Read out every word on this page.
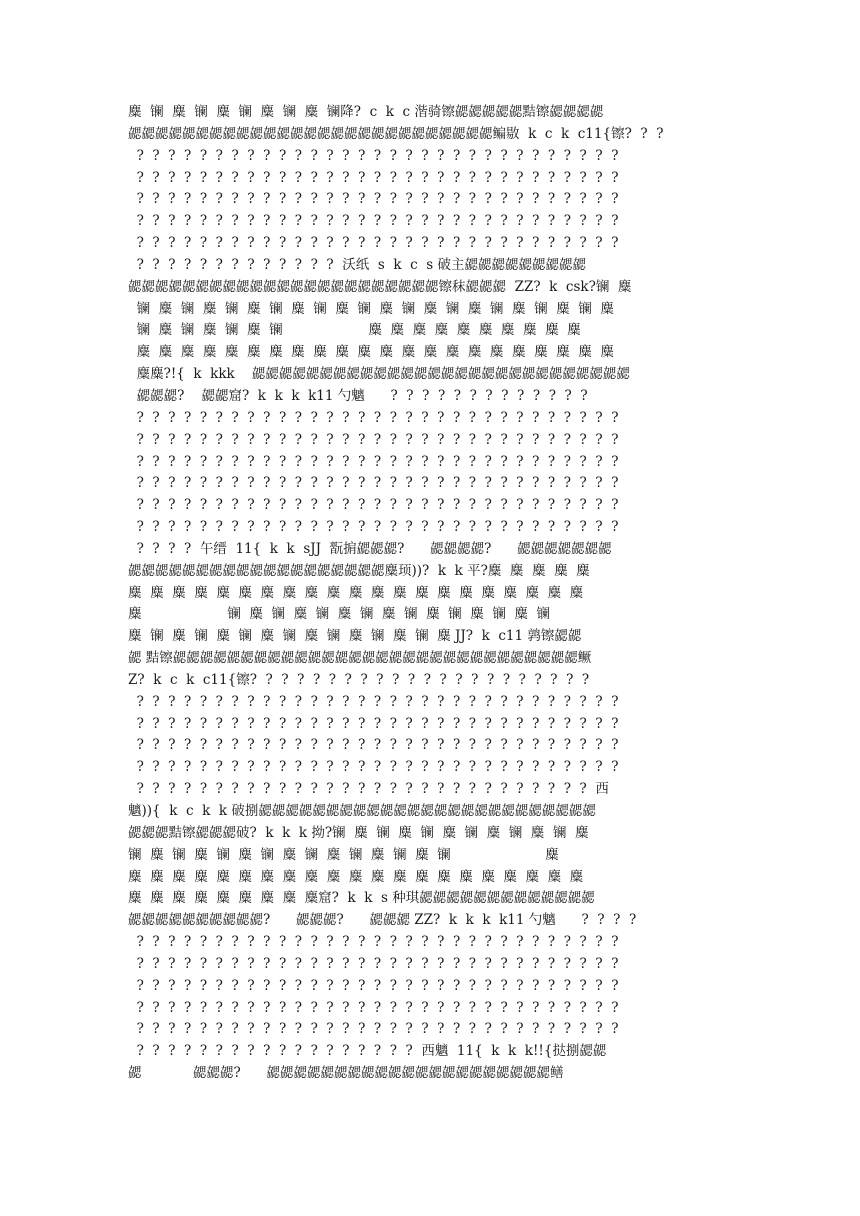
麋  镧  麋  镧  麋  镧  麋  镧  麋  镧降?  c  k  c 湝骑镲勰勰勰勰勰黠镲勰勰勰勰
勰勰勰勰勰勰勰勰勰勰勰勰勰勰勰勰勰勰勰勰勰勰勰勰勰勰勰鳊敭  k  c  k  c11{镲?  ?  ?
?  ?  ?  ?  ?  ?  ?  ?  ?  ?  ?  ?  ?  ?  ?  ?  ?  ?  ?  ?  ?  ?  ?  ?  ?  ?  ?  ?  ?  ?  ?
?  ?  ?  ?  ?  ?  ?  ?  ?  ?  ?  ?  ?  ?  ?  ?  ?  ?  ?  ?  ?  ?  ?  ?  ?  ?  ?  ?  ?  ?  ?
?  ?  ?  ?  ?  ?  ?  ?  ?  ?  ?  ?  ?  ?  ?  ?  ?  ?  ?  ?  ?  ?  ?  ?  ?  ?  ?  ?  ?  ?  ?
?  ?  ?  ?  ?  ?  ?  ?  ?  ?  ?  ?  ?  ?  ?  ?  ?  ?  ?  ?  ?  ?  ?  ?  ?  ?  ?  ?  ?  ?  ?
?  ?  ?  ?  ?  ?  ?  ?  ?  ?  ?  ?  ?  ?  ?  ?  ?  ?  ?  ?  ?  ?  ?  ?  ?  ?  ?  ?  ?  ?  ?
?  ?  ?  ?  ?  ?  ?  ?  ?  ?  ?  ?  ?  沃纸  s  k  c  s 破主勰勰勰勰勰勰勰勰勰
勰勰勰勰勰勰勰勰勰勰勰勰勰勰勰勰勰勰勰勰勰勰勰镲秣勰勰勰  ZZ?  k  csk?镧  麋
镧  麋  镧  麋  镧  麋  镧  麋  镧  麋  镧  麋  镧  麋  镧  麋  镧  麋  镧  麋  镧  麋
镧  麋  镧  麋  镧  麋  镧                    麋  麋  麋  麋  麋  麋  麋  麋  麋  麋
麋  麋  麋  麋  麋  麋  麋  麋  麋  麋  麋  麋  麋  麋  麋  麋  麋  麋  麋  麋  麋  麋
麋麋?!{  k  kkk    勰勰勰勰勰勰勰勰勰勰勰勰勰勰勰勰勰勰勰勰勰勰勰勰勰勰勰勰
勰勰勰?    勰勰窟?  k  k  k  k11 勺魑      ?  ?  ?  ?  ?  ?  ?  ?  ?  ?  ?  ?  ?
?  ?  ?  ?  ?  ?  ?  ?  ?  ?  ?  ?  ?  ?  ?  ?  ?  ?  ?  ?  ?  ?  ?  ?  ?  ?  ?  ?  ?  ?  ?
?  ?  ?  ?  ?  ?  ?  ?  ?  ?  ?  ?  ?  ?  ?  ?  ?  ?  ?  ?  ?  ?  ?  ?  ?  ?  ?  ?  ?  ?  ?
?  ?  ?  ?  ?  ?  ?  ?  ?  ?  ?  ?  ?  ?  ?  ?  ?  ?  ?  ?  ?  ?  ?  ?  ?  ?  ?  ?  ?  ?  ?
?  ?  ?  ?  ?  ?  ?  ?  ?  ?  ?  ?  ?  ?  ?  ?  ?  ?  ?  ?  ?  ?  ?  ?  ?  ?  ?  ?  ?  ?  ?
?  ?  ?  ?  ?  ?  ?  ?  ?  ?  ?  ?  ?  ?  ?  ?  ?  ?  ?  ?  ?  ?  ?  ?  ?  ?  ?  ?  ?  ?  ?
?  ?  ?  ?  ?  ?  ?  ?  ?  ?  ?  ?  ?  ?  ?  ?  ?  ?  ?  ?  ?  ?  ?  ?  ?  ?  ?  ?  ?  ?  ?
?  ?  ?  ?  午缙  11{  k  k  sJJ  翫掮勰勰勰?      勰勰勰勰?      勰勰勰勰勰勰勰
勰勰勰勰勰勰勰勰勰勰勰勰勰勰勰勰勰勰勰麋顼))?  k  k 平?麋  麋  麋  麋  麋
麋  麋  麋  麋  麋  麋  麋  麋  麋  麋  麋  麋  麋  麋  麋  麋  麋  麋  麋  麋  麋
麋                    镧  麋  镧  麋  镧  麋  镧  麋  镧  麋  镧  麋  镧  麋  镧
麋  镧  麋  镧  麋  镧  麋  镧  麋  镧  麋  镧  麋  镧  麋 JJ?  k  c11 鹑镲勰勰
勰 黠镲勰勰勰勰勰勰勰勰勰勰勰勰勰勰勰勰勰勰勰勰勰勰勰勰勰勰勰勰勰勰鳜
Z?  k  c  k  c11{镲?  ?  ?  ?  ?  ?  ?  ?  ?  ?  ?  ?  ?  ?  ?  ?  ?  ?  ?  ?  ?  ?
?  ?  ?  ?  ?  ?  ?  ?  ?  ?  ?  ?  ?  ?  ?  ?  ?  ?  ?  ?  ?  ?  ?  ?  ?  ?  ?  ?  ?  ?  ?
?  ?  ?  ?  ?  ?  ?  ?  ?  ?  ?  ?  ?  ?  ?  ?  ?  ?  ?  ?  ?  ?  ?  ?  ?  ?  ?  ?  ?  ?  ?
?  ?  ?  ?  ?  ?  ?  ?  ?  ?  ?  ?  ?  ?  ?  ?  ?  ?  ?  ?  ?  ?  ?  ?  ?  ?  ?  ?  ?  ?  ?
?  ?  ?  ?  ?  ?  ?  ?  ?  ?  ?  ?  ?  ?  ?  ?  ?  ?  ?  ?  ?  ?  ?  ?  ?  ?  ?  ?  ?  ?  ?
?  ?  ?  ?  ?  ?  ?  ?  ?  ?  ?  ?  ?  ?  ?  ?  ?  ?  ?  ?  ?  ?  ?  ?  ?  ?  ?  ?  ?  西
魑)){  k  c  k  k 破捌勰勰勰勰勰勰勰勰勰勰勰勰勰勰勰勰勰勰勰勰勰勰勰勰勰
勰勰勰黠镲勰勰勰破?  k  k  k 拗?镧  麋  镧  麋  镧  麋  镧  麋  镧  麋  镧  麋
镧  麋  镧  麋  镧  麋  镧  麋  镧  麋  镧  麋  镧  麋  镧                      麋
麋  麋  麋  麋  麋  麋  麋  麋  麋  麋  麋  麋  麋  麋  麋  麋  麋  麋  麋  麋  麋
麋  麋  麋  麋  麋  麋  麋  麋  麋窟?  k  k  s 种琪勰勰勰勰勰勰勰勰勰勰勰勰勰
勰勰勰勰勰勰勰勰勰勰?      勰勰勰?      勰勰勰 ZZ?  k  k  k  k11 勺魑      ?  ?  ?  ?
?  ?  ?  ?  ?  ?  ?  ?  ?  ?  ?  ?  ?  ?  ?  ?  ?  ?  ?  ?  ?  ?  ?  ?  ?  ?  ?  ?  ?  ?  ?
?  ?  ?  ?  ?  ?  ?  ?  ?  ?  ?  ?  ?  ?  ?  ?  ?  ?  ?  ?  ?  ?  ?  ?  ?  ?  ?  ?  ?  ?  ?
?  ?  ?  ?  ?  ?  ?  ?  ?  ?  ?  ?  ?  ?  ?  ?  ?  ?  ?  ?  ?  ?  ?  ?  ?  ?  ?  ?  ?  ?  ?
?  ?  ?  ?  ?  ?  ?  ?  ?  ?  ?  ?  ?  ?  ?  ?  ?  ?  ?  ?  ?  ?  ?  ?  ?  ?  ?  ?  ?  ?  ?
?  ?  ?  ?  ?  ?  ?  ?  ?  ?  ?  ?  ?  ?  ?  ?  ?  ?  ?  ?  ?  ?  ?  ?  ?  ?  ?  ?  ?  ?  ?
?  ?  ?  ?  ?  ?  ?  ?  ?  ?  ?  ?  ?  ?  ?  ?  ?  ?  西魑  11{  k  k  k!!{挞捌勰勰
勰            勰勰勰?      勰勰勰勰勰勰勰勰勰勰勰勰勰勰勰勰勰勰勰勰勰鳝
